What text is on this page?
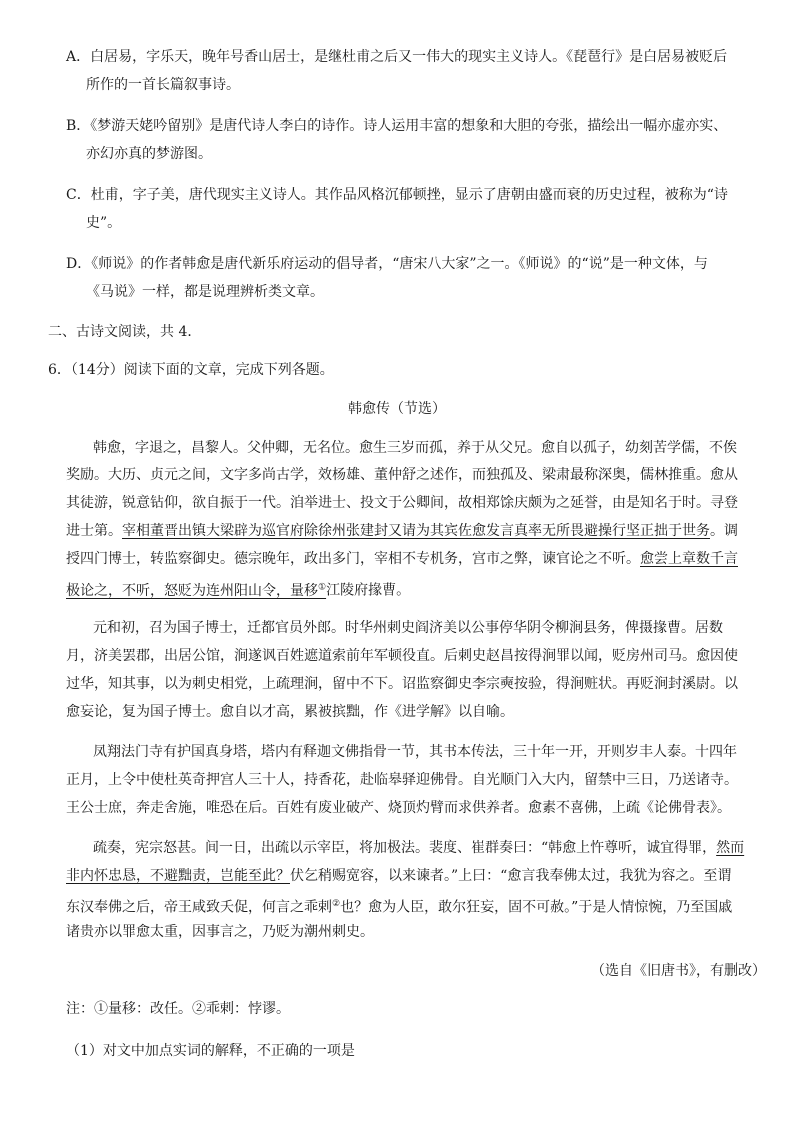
A．白居易，字乐天，晚年号香山居士，是继杜甫之后又一伟大的现实主义诗人。《琵琶行》是白居易被贬后
所作的一首长篇叙事诗。
B．《梦游天姥吟留别》是唐代诗人李白的诗作。诗人运用丰富的想象和大胆的夸张，描绘出一幅亦虚亦实、
亦幻亦真的梦游图。
C．杜甫，字子美，唐代现实主义诗人。其作品风格沉郁顿挫，显示了唐朝由盛而衰的历史过程，被称为“诗
史”。
D．《师说》的作者韩愈是唐代新乐府运动的倡导者，“唐宋八大家”之一。《师说》的“说”是一种文体，与
《马说》一样，都是说理辨析类文章。
二、古诗文阅读，共 4．
6．（14分）阅读下面的文章，完成下列各题。
韩愈传（节选）
韩愈，字退之，昌黎人。父仲卿，无名位。愈生三岁而孤，养于从父兄。愈自以孤子，幼刻苦学儒，不俟
奖励。大历、贞元之间，文字多尚古学，效杨雄、董仲舒之述作，而独孤及、梁肃最称深奥，儒林推重。愈从
其徒游，锐意钻仰，欲自振于一代。洎举进士、投文于公卿间，故相郑馀庆颇为之延誉，由是知名于时。寻登
进士第。宰相董晋出镇大梁辟为巡官府除徐州张建封又请为其宾佐愈发言真率无所畏避操行坚正拙于世务。调
授四门博士，转监察御史。德宗晚年，政出多门，宰相不专机务，宫市之弊，谏官论之不听。愈尝上章数千言
极论之，不听，怒贬为连州阳山令，量移①江陵府掾曹。
元和初，召为国子博士，迁都官员外郎。时华州刺史阎济美以公事停华阴令柳涧县务，俾摄掾曹。居数
月，济美罢郡，出居公馆，涧遂讽百姓遮道索前年军顿役直。后刺史赵昌按得涧罪以闻，贬房州司马。愈因使
过华，知其事，以为刺史相党，上疏理涧，留中不下。诏监察御史李宗奭按验，得涧赃状。再贬涧封溪尉。以
愈妄论，复为国子博士。愈自以才高，累被摈黜，作《进学解》以自喻。
凤翔法门寺有护国真身塔，塔内有释迦文佛指骨一节，其书本传法，三十年一开，开则岁丰人泰。十四年
正月，上令中使杜英奇押宫人三十人，持香花，赴临皋驿迎佛骨。自光顺门入大内，留禁中三日，乃送诸寺。
王公士庶，奔走舍施，唯恐在后。百姓有废业破产、烧顶灼臂而求供养者。愈素不喜佛，上疏《论佛骨表》。
疏奏，宪宗怒甚。间一日，出疏以示宰臣，将加极法。裴度、崔群奏曰：“韩愈上忤尊听，诚宜得罪，然而
非内怀忠恳，不避黜责，岂能至此？伏乞稍赐宽容，以来谏者。”上曰：“愈言我奉佛太过，我犹为容之。至谓
东汉奉佛之后，帝王咸致夭促，何言之乖剌②也？愈为人臣，敢尔狂妄，固不可赦。”于是人情惊惋，乃至国戚
诸贵亦以罪愈太重，因事言之，乃贬为潮州刺史。
（选自《旧唐书》，有删改）
注：①量移：改任。②乖剌：悖谬。
（1）对文中加点实词的解释，不正确的一项是
